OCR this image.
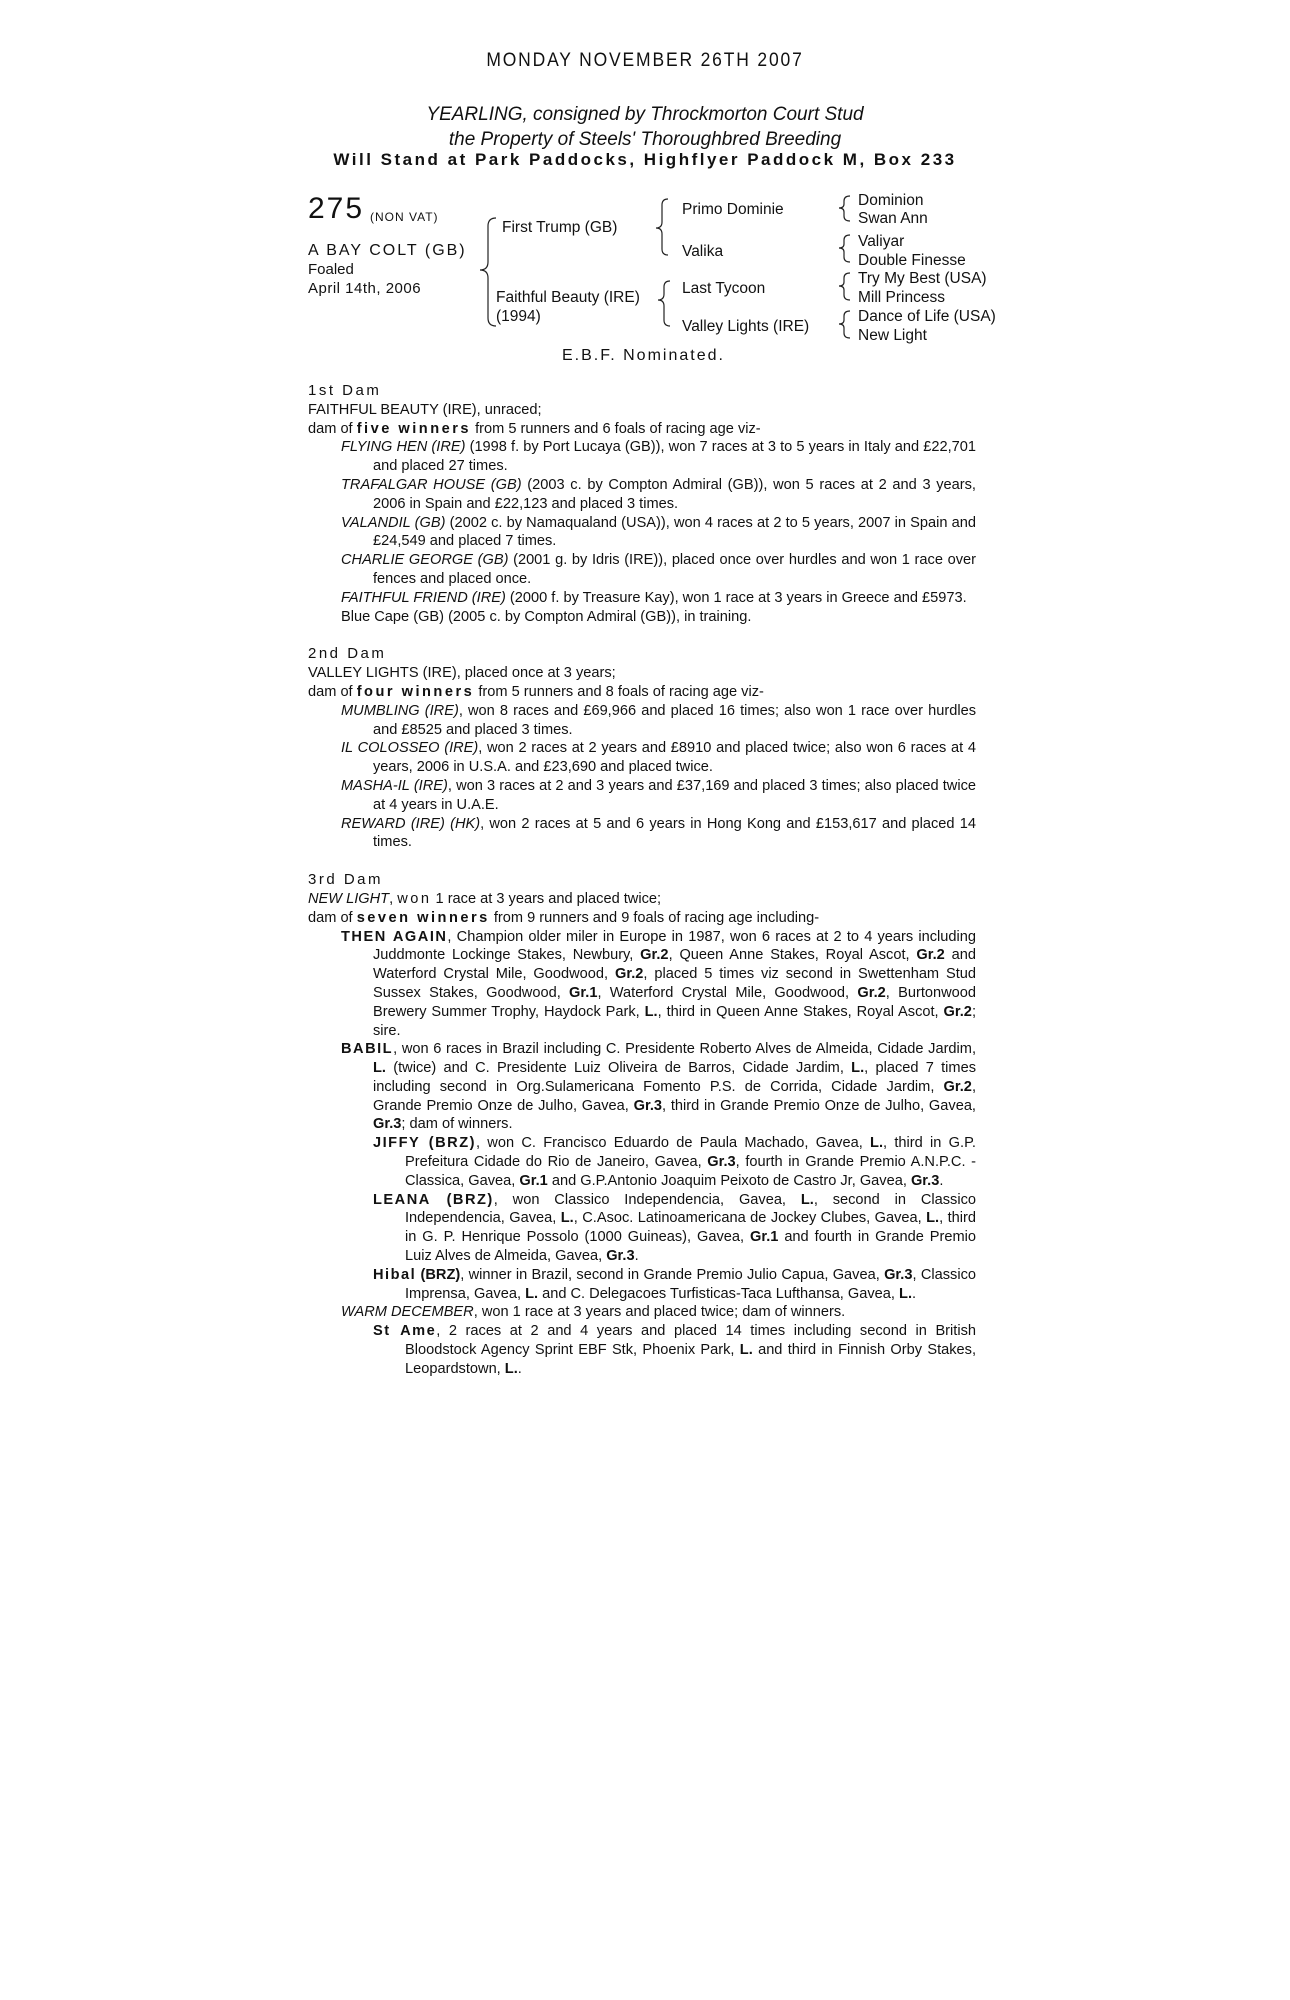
MONDAY NOVEMBER 26TH 2007
YEARLING, consigned by Throckmorton Court Stud
the Property of Steels' Thoroughbred Breeding
Will Stand at Park Paddocks, Highflyer Paddock M, Box 233
275 (NON VAT)
A BAY COLT (GB)
Foaled
April 14th, 2006
First Trump (GB)
Faithful Beauty (IRE)
(1994)
Primo Dominie
Valika
Last Tycoon
Valley Lights (IRE)
Dominion
Swan Ann
Valiyar
Double Finesse
Try My Best (USA)
Mill Princess
Dance of Life (USA)
New Light
E.B.F. Nominated.

1st Dam

FAITHFUL BEAUTY (IRE), unraced;

dam of five winners from 5 runners and 6 foals of racing age viz-

FLYING HEN (IRE) (1998 f. by Port Lucaya (GB)), won 7 races at 3 to 5 years in Italy and £22,701 and placed 27 times.

TRAFALGAR HOUSE (GB) (2003 c. by Compton Admiral (GB)), won 5 races at 2 and 3 years, 2006 in Spain and £22,123 and placed 3 times.

VALANDIL (GB) (2002 c. by Namaqualand (USA)), won 4 races at 2 to 5 years, 2007 in Spain and £24,549 and placed 7 times.

CHARLIE GEORGE (GB) (2001 g. by Idris (IRE)), placed once over hurdles and won 1 race over fences and placed once.

FAITHFUL FRIEND (IRE) (2000 f. by Treasure Kay), won 1 race at 3 years in Greece and £5973.

Blue Cape (GB) (2005 c. by Compton Admiral (GB)), in training.

2nd Dam

VALLEY LIGHTS (IRE), placed once at 3 years;

dam of four winners from 5 runners and 8 foals of racing age viz-

MUMBLING (IRE), won 8 races and £69,966 and placed 16 times; also won 1 race over hurdles and £8525 and placed 3 times.

IL COLOSSEO (IRE), won 2 races at 2 years and £8910 and placed twice; also won 6 races at 4 years, 2006 in U.S.A. and £23,690 and placed twice.

MASHA-IL (IRE), won 3 races at 2 and 3 years and £37,169 and placed 3 times; also placed twice at 4 years in U.A.E.

REWARD (IRE) (HK), won 2 races at 5 and 6 years in Hong Kong and £153,617 and placed 14 times.

3rd Dam

NEW LIGHT, won 1 race at 3 years and placed twice;

dam of seven winners from 9 runners and 9 foals of racing age including-

THEN AGAIN, Champion older miler in Europe in 1987, won 6 races at 2 to 4 years including Juddmonte Lockinge Stakes, Newbury, Gr.2, Queen Anne Stakes, Royal Ascot, Gr.2 and Waterford Crystal Mile, Goodwood, Gr.2, placed 5 times viz second in Swettenham Stud Sussex Stakes, Goodwood, Gr.1, Waterford Crystal Mile, Goodwood, Gr.2, Burtonwood Brewery Summer Trophy, Haydock Park, L., third in Queen Anne Stakes, Royal Ascot, Gr.2; sire.

BABIL, won 6 races in Brazil including C. Presidente Roberto Alves de Almeida, Cidade Jardim, L. (twice) and C. Presidente Luiz Oliveira de Barros, Cidade Jardim, L., placed 7 times including second in Org.Sulamericana Fomento P.S. de Corrida, Cidade Jardim, Gr.2, Grande Premio Onze de Julho, Gavea, Gr.3, third in Grande Premio Onze de Julho, Gavea, Gr.3; dam of winners.

JIFFY (BRZ), won C. Francisco Eduardo de Paula Machado, Gavea, L., third in G.P. Prefeitura Cidade do Rio de Janeiro, Gavea, Gr.3, fourth in Grande Premio A.N.P.C. - Classica, Gavea, Gr.1 and G.P.Antonio Joaquim Peixoto de Castro Jr, Gavea, Gr.3.

LEANA (BRZ), won Classico Independencia, Gavea, L., second in Classico Independencia, Gavea, L., C.Asoc. Latinoamericana de Jockey Clubes, Gavea, L., third in G. P. Henrique Possolo (1000 Guineas), Gavea, Gr.1 and fourth in Grande Premio Luiz Alves de Almeida, Gavea, Gr.3.

Hibal (BRZ), winner in Brazil, second in Grande Premio Julio Capua, Gavea, Gr.3, Classico Imprensa, Gavea, L. and C. Delegacoes Turfisticas-Taca Lufthansa, Gavea, L..

WARM DECEMBER, won 1 race at 3 years and placed twice; dam of winners.

St Ame, 2 races at 2 and 4 years and placed 14 times including second in British Bloodstock Agency Sprint EBF Stk, Phoenix Park, L. and third in Finnish Orby Stakes, Leopardstown, L..
